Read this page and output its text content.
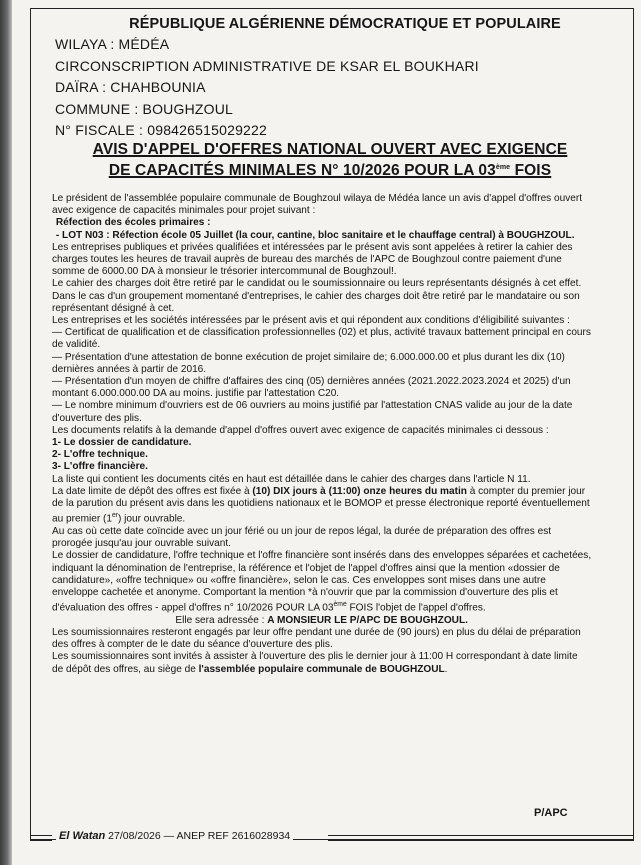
RÉPUBLIQUE ALGÉRIENNE DÉMOCRATIQUE ET POPULAIRE
WILAYA : MÉDÉA
CIRCONSCRIPTION ADMINISTRATIVE DE KSAR EL BOUKHARI
DAÏRA : CHAHBOUNIA
COMMUNE : BOUGHZOUL
N° FISCALE : 098426515029222
AVIS D'APPEL D'OFFRES NATIONAL OUVERT AVEC EXIGENCE
DE CAPACITÉS MINIMALES N° 10/2026 POUR LA 03ème FOIS

Le président de l'assemblée populaire communale de Boughzoul wilaya de Médéa lance un avis d'appel d'offres ouvert avec exigence de capacités minimales pour projet suivant :

Réfection des écoles primaires :

- LOT N03 : Réfection école 05 Juillet (la cour, cantine, bloc sanitaire et le chauffage central) à BOUGHZOUL.

Les entreprises publiques et privées qualifiées et intéressées par le présent avis sont appelées à retirer la cahier des charges toutes les heures de travail auprès de bureau des marchés de l'APC de Boughzoul contre paiement d'une somme de 6000.00 DA à monsieur le trésorier intercommunal de Boughzoul!.

Le cahier des charges doit être retiré par le candidat ou le soumissionnaire ou leurs représentants désignés à cet effet. Dans le cas d'un groupement momentané d'entreprises, le cahier des charges doit être retiré par le mandataire ou son représentant désigné à cet.

Les entreprises et les sociétés intéressées par le présent avis et qui répondent aux conditions d'éligibilité suivantes :

— Certificat de qualification et de classification professionnelles (02) et plus, activité travaux battement principal en cours de validité.

— Présentation d'une attestation de bonne exécution de projet similaire de; 6.000.000.00 et plus durant les dix (10) dernières années à partir de 2016.

— Présentation d'un moyen de chiffre d'affaires des cinq (05) dernières années (2021.2022.2023.2024 et 2025) d'un montant 6.000.000.00 DA au moins. justifie par l'attestation C20.

— Le nombre minimum d'ouvriers est de 06 ouvriers au moins justifié par l'attestation CNAS valide au jour de la date d'ouverture des plis.

Les documents relatifs à la demande d'appel d'offres ouvert avec exigence de capacités minimales ci dessous :

1- Le dossier de candidature.

2- L'offre technique.

3- L'offre financière.

La liste qui contient les documents cités en haut est détaillée dans le cahier des charges dans l'article N 11.

La date limite de dépôt des offres est fixée à (10) DIX jours à (11:00) onze heures du matin à compter du premier jour de la parution du présent avis dans les quotidiens nationaux et le BOMOP et presse électronique reporté éventuellement au premier (1er) jour ouvrable.

Au cas où cette date coïncide avec un jour férié ou un jour de repos légal, la durée de préparation des offres est prorogée jusqu'au jour ouvrable suivant.

Le dossier de candidature, l'offre technique et l'offre financière sont insérés dans des enveloppes séparées et cachetées, indiquant la dénomination de l'entreprise, la référence et l'objet de l'appel d'offres ainsi que la mention «dossier de candidature», «offre technique» ou «offre financière», selon le cas. Ces enveloppes sont mises dans une autre enveloppe cachetée et anonyme. Comportant la mention *à n'ouvrir que par la commission d'ouverture des plis et d'évaluation des offres - appel d'offres n° 10/2026 POUR LA 03ème FOIS l'objet de l'appel d'offres.

Elle sera adressée : A MONSIEUR LE P/APC DE BOUGHZOUL.

Les soumissionnaires resteront engagés par leur offre pendant une durée de (90 jours) en plus du délai de préparation des offres à compter de le date du séance d'ouverture des plis.

Les soumissionnaires sont invités à assister à l'ouverture des plis le dernier jour à 11:00 H correspondant à date limite de dépôt des offres, au siège de l'assemblée populaire communale de BOUGHZOUL.

P/APC
El Watan 27/08/2026 — ANEP REF 2616028934
